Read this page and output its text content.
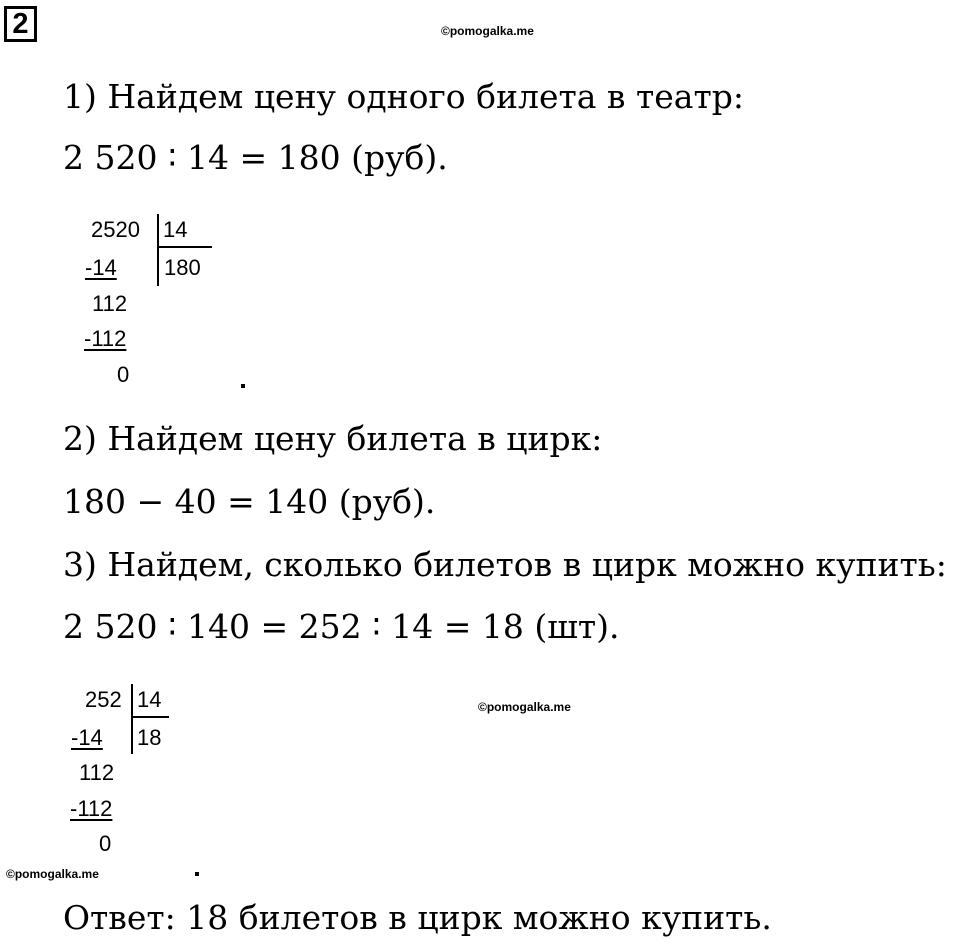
2	©pomogalka.me
©pomogalka.me
©pomogalka.me
1) Найдем цену одного билета в театр:
2 520 ∶ 14 = 180 (руб).
2520 14
180
-14
112
-112
0
2) Найдем цену билета в цирк:
180 − 40 = 140 (руб).
3) Найдем, сколько билетов в цирк можно купить:
2 520 ∶ 140 = 252 ∶ 14 = 18 (шт).
252 14
18
-14
112
-112
0
Ответ: 18 билетов в цирк можно купить.
